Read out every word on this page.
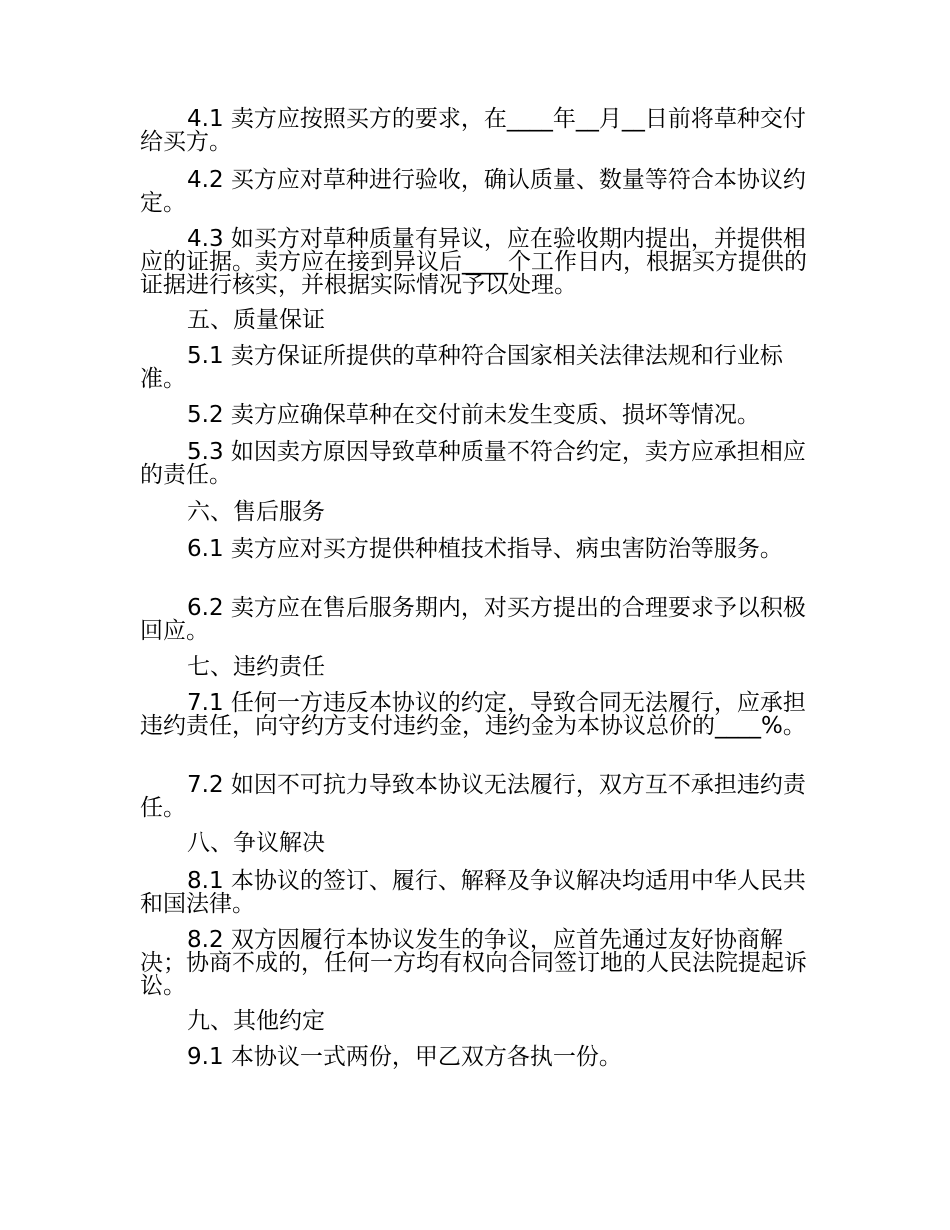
4.1 卖方应按照买方的要求，在____年__月__日前将草种交付给买方。
4.2 买方应对草种进行验收，确认质量、数量等符合本协议约定。
4.3 如买方对草种质量有异议，应在验收期内提出，并提供相应的证据。卖方应在接到异议后____个工作日内，根据买方提供的证据进行核实，并根据实际情况予以处理。
五、质量保证
5.1 卖方保证所提供的草种符合国家相关法律法规和行业标准。
5.2 卖方应确保草种在交付前未发生变质、损坏等情况。
5.3 如因卖方原因导致草种质量不符合约定，卖方应承担相应的责任。
六、售后服务
6.1 卖方应对买方提供种植技术指导、病虫害防治等服务。
6.2 卖方应在售后服务期内，对买方提出的合理要求予以积极回应。
七、违约责任
7.1 任何一方违反本协议的约定，导致合同无法履行，应承担违约责任，向守约方支付违约金，违约金为本协议总价的____%。
7.2 如因不可抗力导致本协议无法履行，双方互不承担违约责任。
八、争议解决
8.1 本协议的签订、履行、解释及争议解决均适用中华人民共和国法律。
8.2 双方因履行本协议发生的争议，应首先通过友好协商解决；协商不成的，任何一方均有权向合同签订地的人民法院提起诉讼。
九、其他约定
9.1 本协议一式两份，甲乙双方各执一份。
